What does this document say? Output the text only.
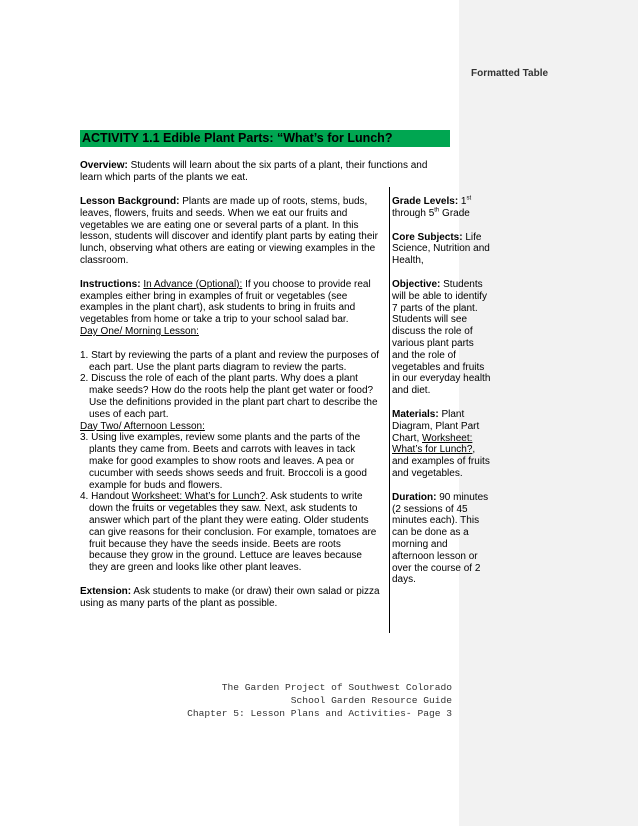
Formatted Table
ACTIVITY 1.1 Edible Plant Parts: “What’s for Lunch?
Overview: Students will learn about the six parts of a plant, their functions and learn which parts of the plants we eat.

Lesson Background: Plants are made up of roots, stems, buds, leaves, flowers, fruits and seeds. When we eat our fruits and vegetables we are eating one or several parts of a plant. In this lesson, students will discover and identify plant parts by eating their lunch, observing what others are eating or viewing examples in the classroom.

Instructions: In Advance (Optional): If you choose to provide real examples either bring in examples of fruit or vegetables (see examples in the plant chart), ask students to bring in fruits and vegetables from home or take a trip to your school salad bar.
Day One/ Morning Lesson:

1. Start by reviewing the parts of a plant and review the purposes of each part. Use the plant parts diagram to review the parts.
2. Discuss the role of each of the plant parts. Why does a plant make seeds? How do the roots help the plant get water or food? Use the definitions provided in the plant part chart to describe the uses of each part.
Day Two/ Afternoon Lesson:
3. Using live examples, review some plants and the parts of the plants they came from. Beets and carrots with leaves in tack make for good examples to show roots and leaves. A pea or cucumber with seeds shows seeds and fruit. Broccoli is a good example for buds and flowers.
4. Handout Worksheet: What’s for Lunch?. Ask students to write down the fruits or vegetables they saw. Next, ask students to answer which part of the plant they were eating. Older students can give reasons for their conclusion. For example, tomatoes are fruit because they have the seeds inside. Beets are roots because they grow in the ground. Lettuce are leaves because they are green and looks like other plant leaves.

Extension: Ask students to make (or draw) their own salad or pizza using as many parts of the plant as possible.

Grade Levels: 1st through 5th Grade
Core Subjects: Life Science, Nutrition and Health,
Objective: Students will be able to identify 7 parts of the plant. Students will see discuss the role of various plant parts and the role of vegetables and fruits in our everyday health and diet.
Materials: Plant Diagram, Plant Part Chart, Worksheet: What’s for Lunch?, and examples of fruits and vegetables.
Duration: 90 minutes (2 sessions of 45 minutes each). This can be done as a morning and afternoon lesson or over the course of 2 days.
The Garden Project of Southwest Colorado
School Garden Resource Guide
Chapter 5: Lesson Plans and Activities- Page 3
